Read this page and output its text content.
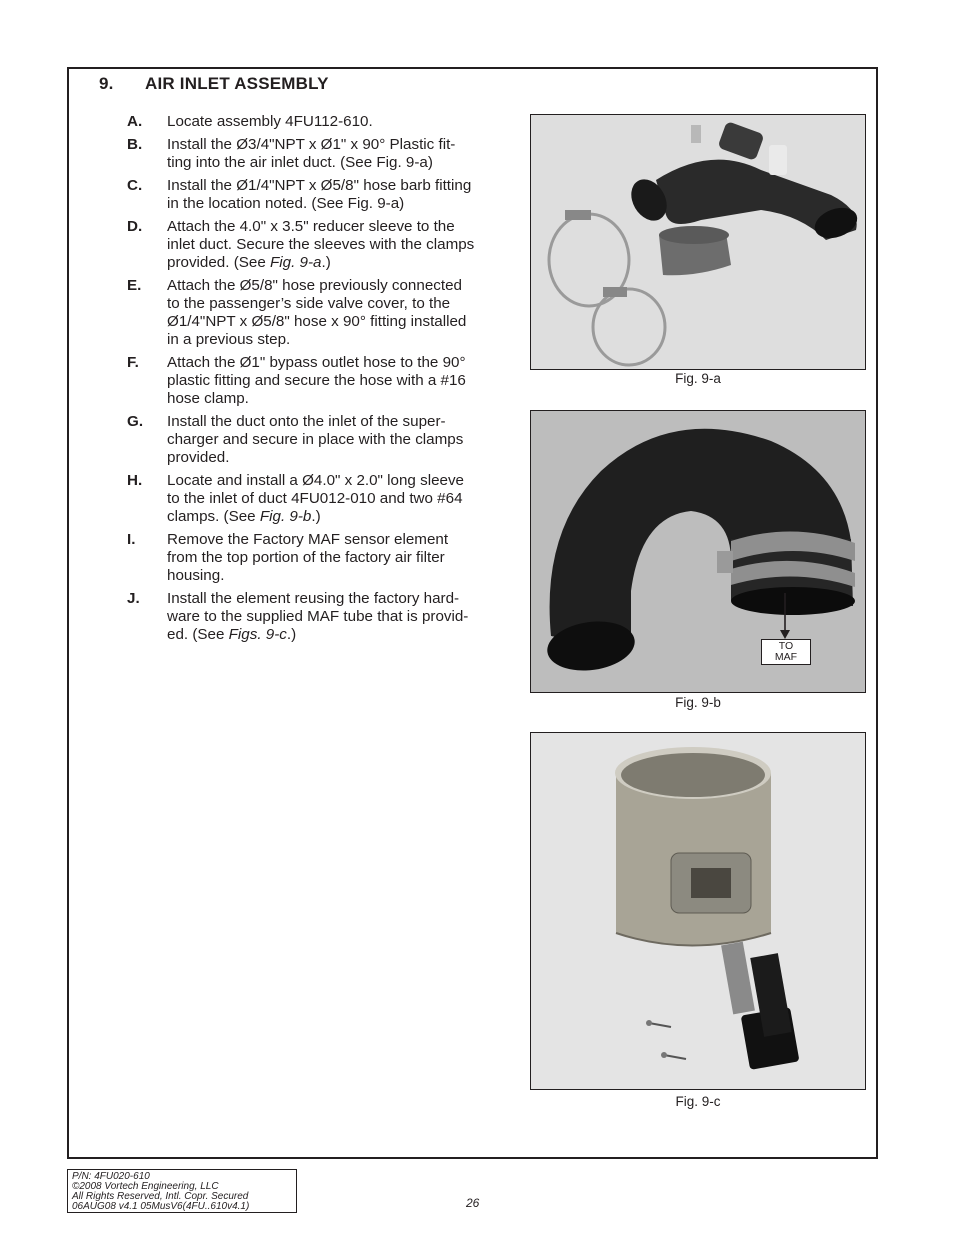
9. AIR INLET ASSEMBLY
A. Locate assembly 4FU112-610.
B. Install the Ø3/4"NPT x Ø1" x 90° Plastic fit-
ting into the air inlet duct. (See Fig. 9-a)
C. Install the Ø1/4"NPT x Ø5/8" hose barb fitting
in the location noted. (See Fig. 9-a)
D. Attach the 4.0" x 3.5" reducer sleeve to the
inlet duct. Secure the sleeves with the clamps
provided. (See Fig. 9-a.)
E. Attach the Ø5/8" hose previously connected
to the passenger’s side valve cover, to the
Ø1/4"NPT x Ø5/8" hose x 90° fitting installed
in a previous step.
F. Attach the Ø1" bypass outlet hose to the 90°
plastic fitting and secure the hose with a #16
hose clamp.
G. Install the duct onto the inlet of the super-
charger and secure in place with the clamps
provided.
H. Locate and install a Ø4.0" x 2.0" long sleeve
to the inlet of duct 4FU012-010 and two #64
clamps. (See Fig. 9-b.)
I. Remove the Factory MAF sensor element
from the top portion of the factory air filter
housing.
J. Install the element reusing the factory hard-
ware to the supplied MAF tube that is provid-
ed. (See Figs. 9-c.)
Fig. 9-a
TO
MAF
Fig. 9-b
Fig. 9-c
P/N: 4FU020-610
©2008 Vortech Engineering, LLC
All Rights Reserved, Intl. Copr. Secured
06AUG08 v4.1 05MusV6(4FU..610v4.1)	26
